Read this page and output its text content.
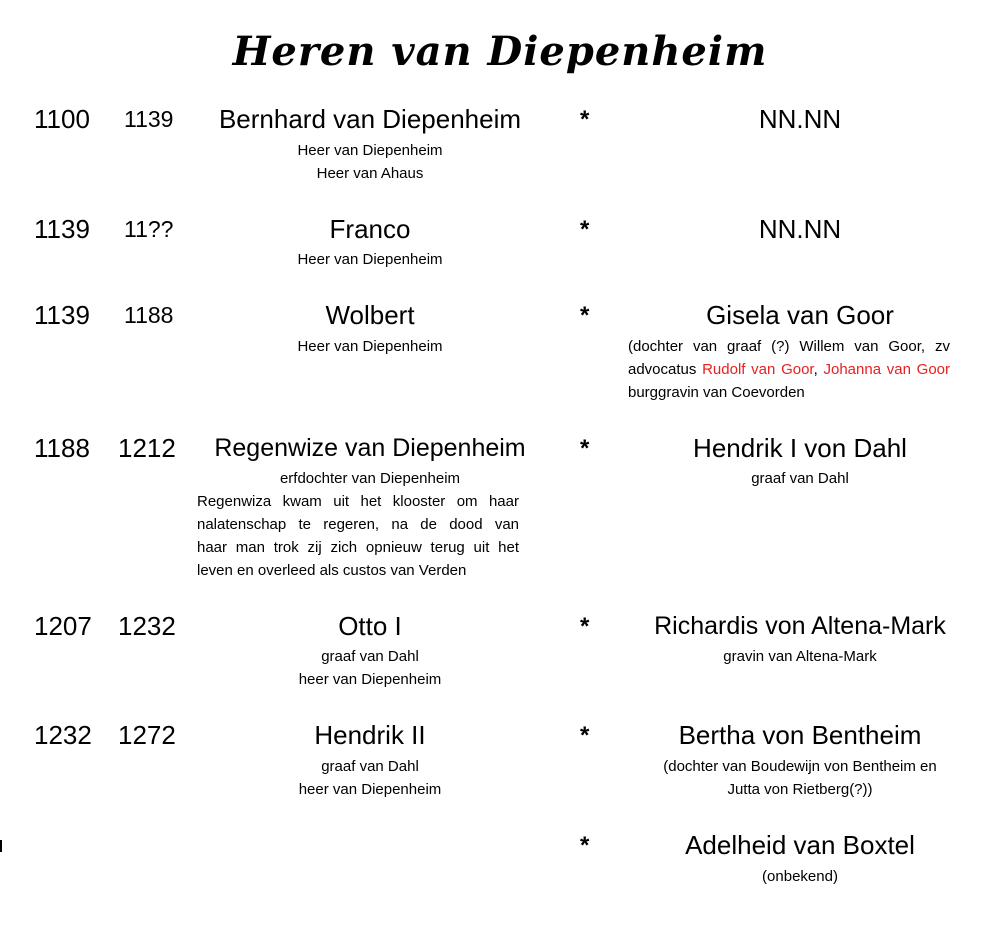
Heren van Diepenheim
1100 1139	Bernhard van Diepenheim
Heer van Diepenheim
Heer van Ahaus
*	NN.NN
1139 11??	Franco
Heer van Diepenheim
*	NN.NN
1139 1188	Wolbert
Heer van Diepenheim
*	Gisela van Goor
(dochter van graaf (?) Willem van Goor, zv
advocatus Rudolf van Goor, Johanna van Goor
burggravin van Coevorden
1188 1212	Regenwize van Diepenheim
erfdochter van Diepenheim
Regenwiza kwam uit het klooster om haar
nalatenschap te regeren, na de dood van
haar man trok zij zich opnieuw terug uit het
leven en overleed als custos van Verden
*	Hendrik I von Dahl
graaf van Dahl
1207 1232	Otto I
graaf van Dahl
heer van Diepenheim
*	Richardis von Altena-Mark
gravin van Altena-Mark
1232 1272	Hendrik II
graaf van Dahl
heer van Diepenheim
*	Bertha von Bentheim
(dochter van Boudewijn von Bentheim en
Jutta von Rietberg(?))
*	Adelheid van Boxtel
(onbekend)
